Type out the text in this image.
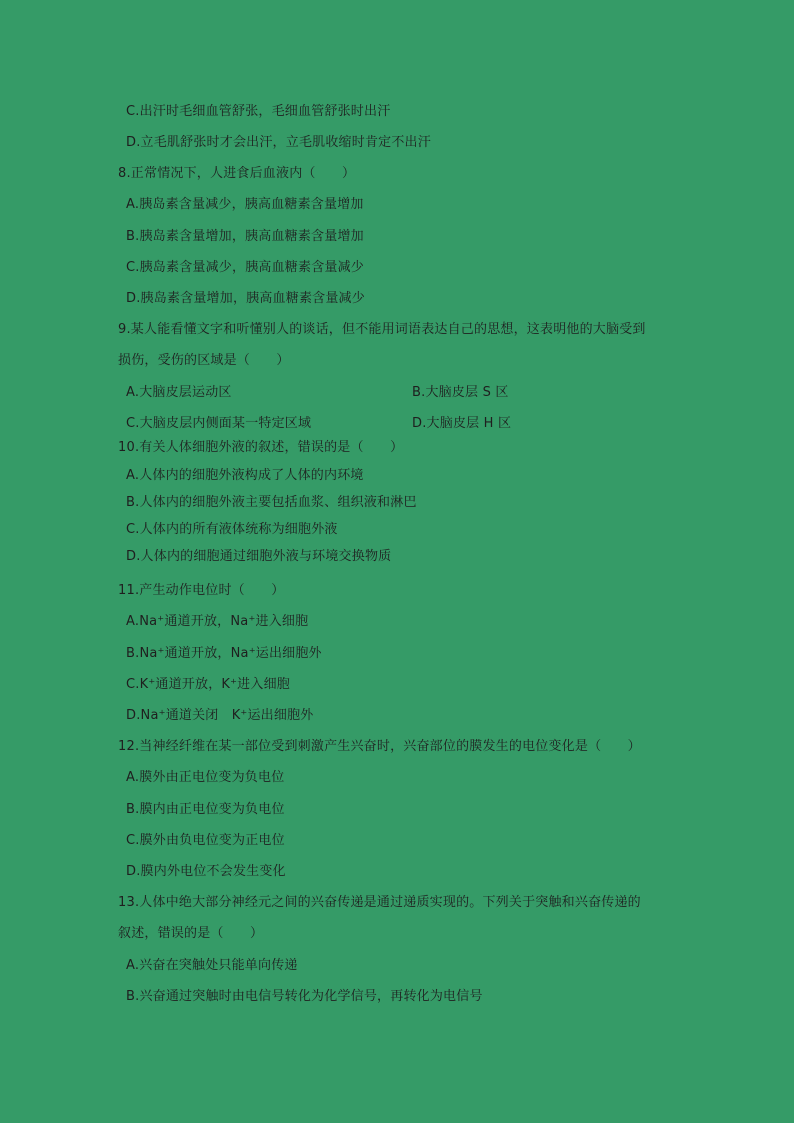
C.出汗时毛细血管舒张，毛细血管舒张时出汗
D.立毛肌舒张时才会出汗，立毛肌收缩时肯定不出汗
8.正常情况下，人进食后血液内（　　）
A.胰岛素含量减少，胰高血糖素含量增加
B.胰岛素含量增加，胰高血糖素含量增加
C.胰岛素含量减少，胰高血糖素含量减少
D.胰岛素含量增加，胰高血糖素含量减少
9.某人能看懂文字和听懂别人的谈话，但不能用词语表达自己的思想，这表明他的大脑受到
损伤，受伤的区域是（　　）
A.大脑皮层运动区	B.大脑皮层 S 区
C.大脑皮层内侧面某一特定区域	D.大脑皮层 H 区
10.有关人体细胞外液的叙述，错误的是（　　）
A.人体内的细胞外液构成了人体的内环境
B.人体内的细胞外液主要包括血浆、组织液和淋巴
C.人体内的所有液体统称为细胞外液
D.人体内的细胞通过细胞外液与环境交换物质
11.产生动作电位时（　　）
A.Na⁺通道开放，Na⁺进入细胞
B.Na⁺通道开放，Na⁺运出细胞外
C.K⁺通道开放，K⁺进入细胞
D.Na⁺通道关闭　K⁺运出细胞外
12.当神经纤维在某一部位受到刺激产生兴奋时，兴奋部位的膜发生的电位变化是（　　）
A.膜外由正电位变为负电位
B.膜内由正电位变为负电位
C.膜外由负电位变为正电位
D.膜内外电位不会发生变化
13.人体中绝大部分神经元之间的兴奋传递是通过递质实现的。下列关于突触和兴奋传递的
叙述，错误的是（　　）
A.兴奋在突触处只能单向传递
B.兴奋通过突触时由电信号转化为化学信号，再转化为电信号
